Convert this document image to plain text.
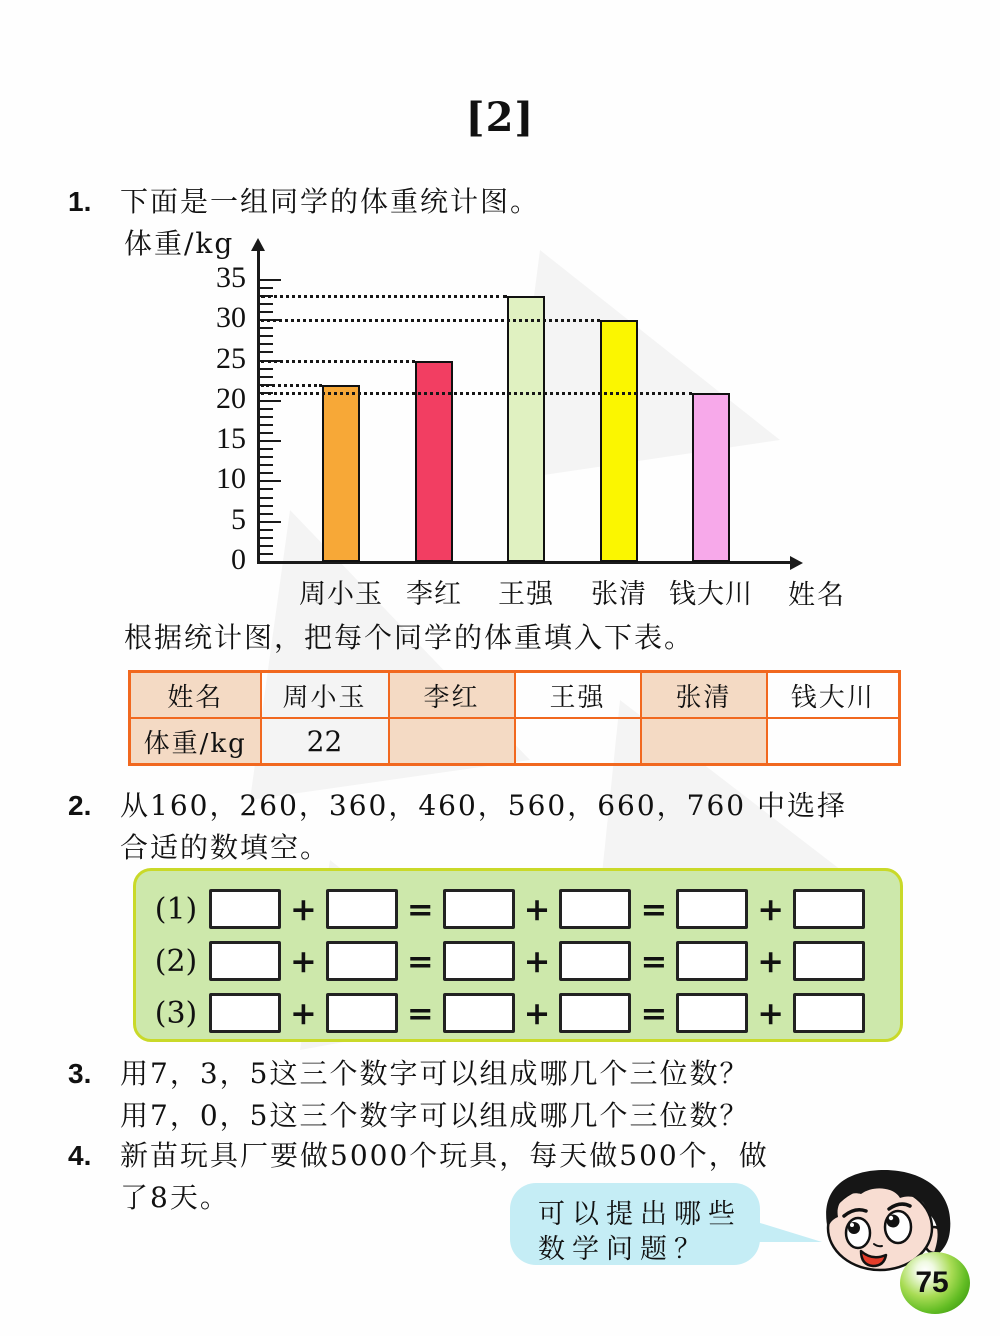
[2]
1. 下面是一组同学的体重统计图。
体重/kg
姓名
0
5
10
15
20
25
30
35
周小玉 李红	王强	张清 钱大川
根据统计图，把每个同学的体重填入下表。
姓名	周小玉	李红	王强	张清	钱大川
体重/kg	22				
2. 从160，260，360，460，560，660，760 中选择
合适的数填空。
(1)	+	=	+	=	+
(2)	+	=	+	=	+
(3)	+	=	+	=	+
3. 用7，3，5这三个数字可以组成哪几个三位数？
用7，0，5这三个数字可以组成哪几个三位数？
4. 新苗玩具厂要做5000个玩具，每天做500个，做
了8天。
可以提出哪些
数学问题？
75
